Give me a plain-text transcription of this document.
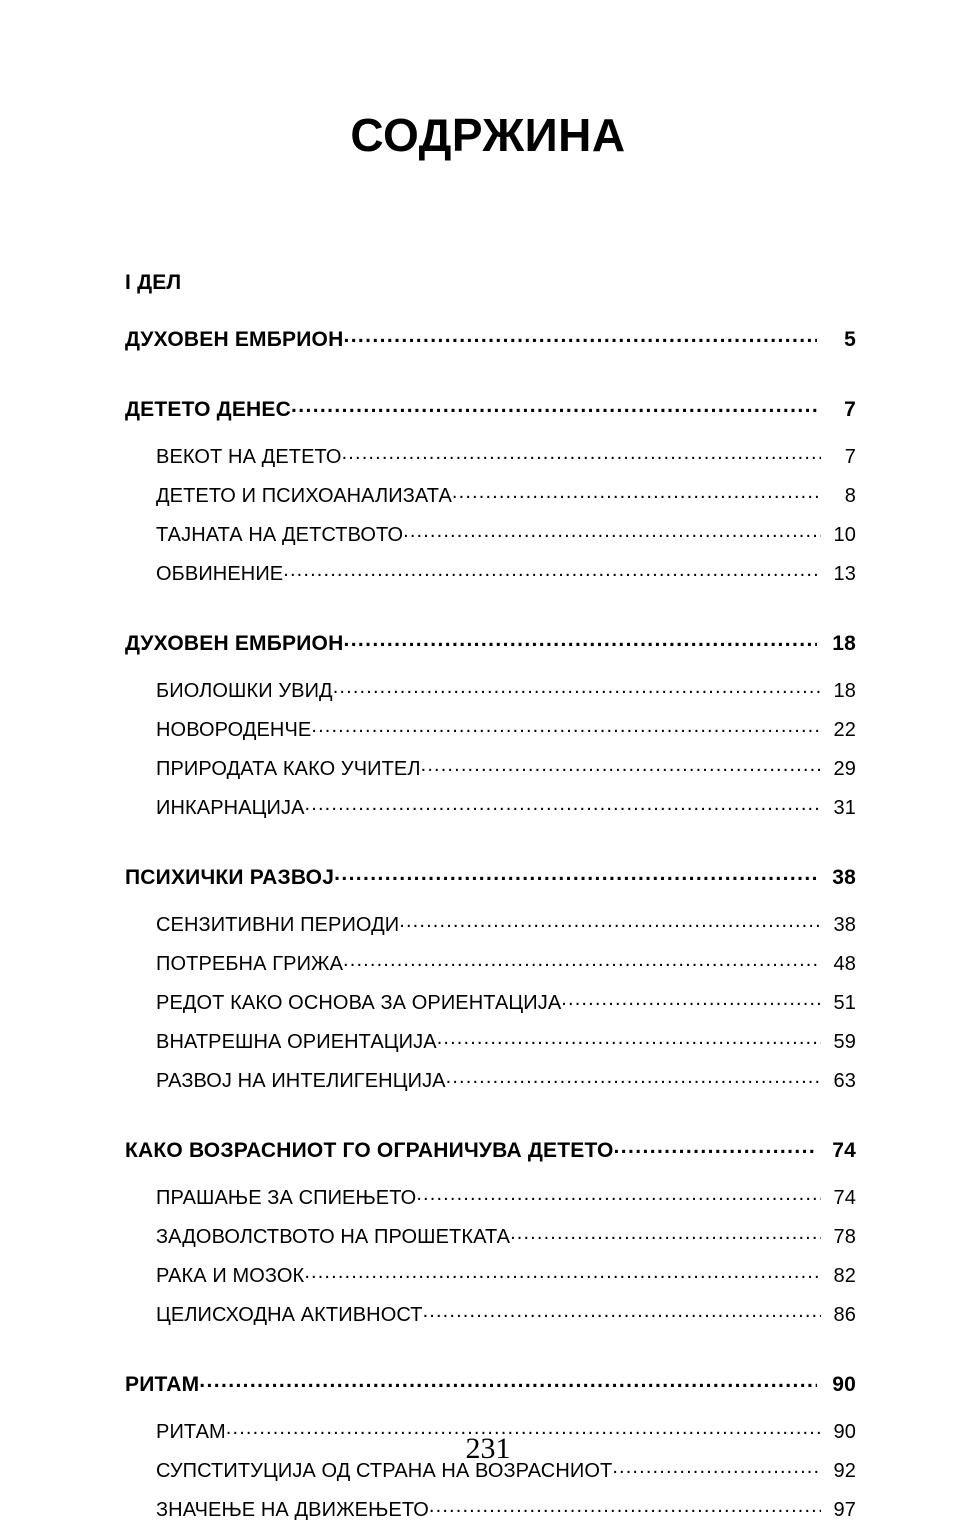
СОДРЖИНА
I ДЕЛ
ДУХОВЕН ЕМБРИОН .....	5
ДЕТЕТО ДЕНЕС .....	7
ВЕКОТ НА ДЕТЕТО .....	7
ДЕТЕТО И ПСИХОАНАЛИЗАТА .....	8
ТАЈНАТА НА ДЕТСТВОТО .....	10
ОБВИНЕНИЕ .....	13
ДУХОВЕН ЕМБРИОН .....	18
БИОЛОШКИ УВИД .....	18
НОВОРОДЕНЧЕ .....	22
ПРИРОДАТА КАКО УЧИТЕЛ .....	29
ИНКАРНАЦИЈА .....	31
ПСИХИЧКИ РАЗВОЈ .....	38
СЕНЗИТИВНИ ПЕРИОДИ .....	38
ПОТРЕБНА ГРИЖА .....	48
РЕДОТ КАКО ОСНОВА ЗА ОРИЕНТАЦИЈА .....	51
ВНАТРЕШНА ОРИЕНТАЦИЈА .....	59
РАЗВОЈ НА ИНТЕЛИГЕНЦИЈА .....	63
КАКО ВОЗРАСНИОТ ГО ОГРАНИЧУВА ДЕТЕТО .....	74
ПРАШАЊЕ ЗА СПИЕЊЕТО .....	74
ЗАДОВОЛСТВОТО НА ПРОШЕТКАТА .....	78
РАКА И МОЗОК .....	82
ЦЕЛИСХОДНА АКТИВНОСТ .....	86
РИТАМ .....	90
РИТАМ .....	90
СУПСТИТУЦИЈА ОД СТРАНА НА ВОЗРАСНИОТ .....	92
ЗНАЧЕЊЕ НА ДВИЖЕЊЕТО .....	97
231
